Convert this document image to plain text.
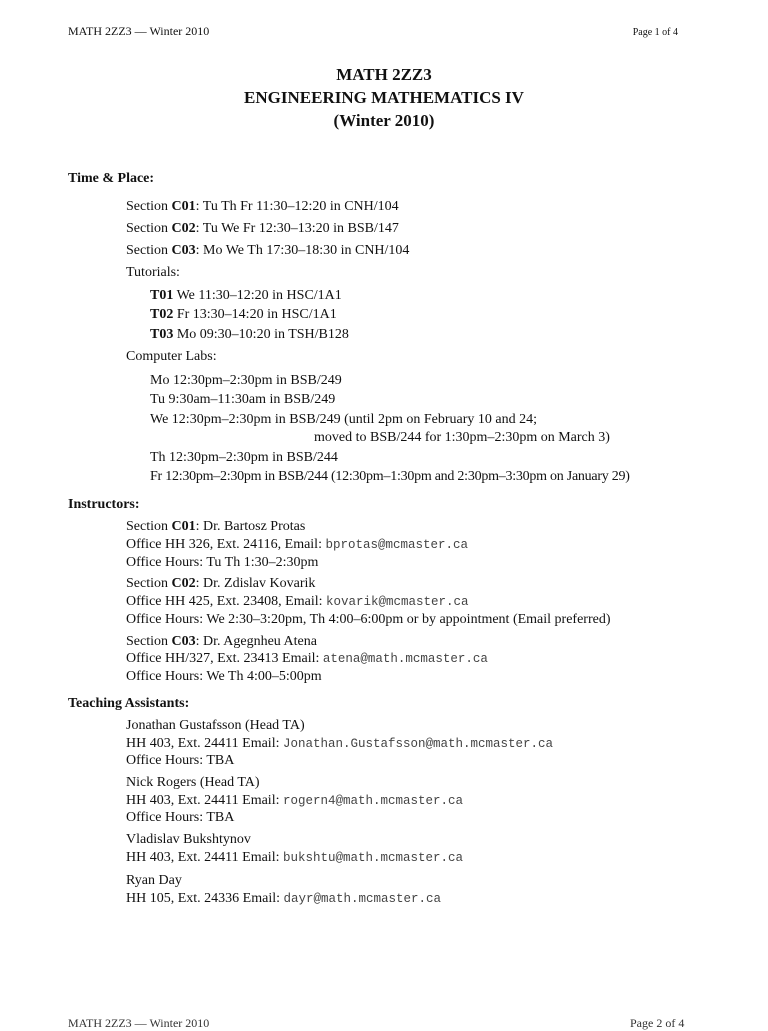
MATH 2ZZ3 — Winter 2010	Page 1 of 4
MATH 2ZZ3
ENGINEERING MATHEMATICS IV
(Winter 2010)
Time & Place:
Section C01: Tu Th Fr 11:30–12:20 in CNH/104
Section C02: Tu We Fr 12:30–13:20 in BSB/147
Section C03: Mo We Th 17:30–18:30 in CNH/104
Tutorials:
T01 We 11:30–12:20 in HSC/1A1
T02 Fr 13:30–14:20 in HSC/1A1
T03 Mo 09:30–10:20 in TSH/B128
Computer Labs:
Mo 12:30pm–2:30pm in BSB/249
Tu 9:30am–11:30am in BSB/249
We 12:30pm–2:30pm in BSB/249 (until 2pm on February 10 and 24;
moved to BSB/244 for 1:30pm–2:30pm on March 3)
Th 12:30pm–2:30pm in BSB/244
Fr 12:30pm–2:30pm in BSB/244 (12:30pm–1:30pm and 2:30pm–3:30pm on January 29)
Instructors:
Section C01: Dr. Bartosz Protas
Office HH 326, Ext. 24116, Email: bprotas@mcmaster.ca
Office Hours: Tu Th 1:30–2:30pm
Section C02: Dr. Zdislav Kovarik
Office HH 425, Ext. 23408, Email: kovarik@mcmaster.ca
Office Hours: We 2:30–3:20pm, Th 4:00–6:00pm or by appointment (Email preferred)
Section C03: Dr. Agegnheu Atena
Office HH/327, Ext. 23413 Email: atena@math.mcmaster.ca
Office Hours: We Th 4:00–5:00pm
Teaching Assistants:
Jonathan Gustafsson (Head TA)
HH 403, Ext. 24411 Email: Jonathan.Gustafsson@math.mcmaster.ca
Office Hours: TBA
Nick Rogers (Head TA)
HH 403, Ext. 24411 Email: rogern4@math.mcmaster.ca
Office Hours: TBA
Vladislav Bukshtynov
HH 403, Ext. 24411 Email: bukshtu@math.mcmaster.ca
Ryan Day
HH 105, Ext. 24336 Email: dayr@math.mcmaster.ca
MATH 2ZZ3 — Winter 2010	Page 2 of 4
